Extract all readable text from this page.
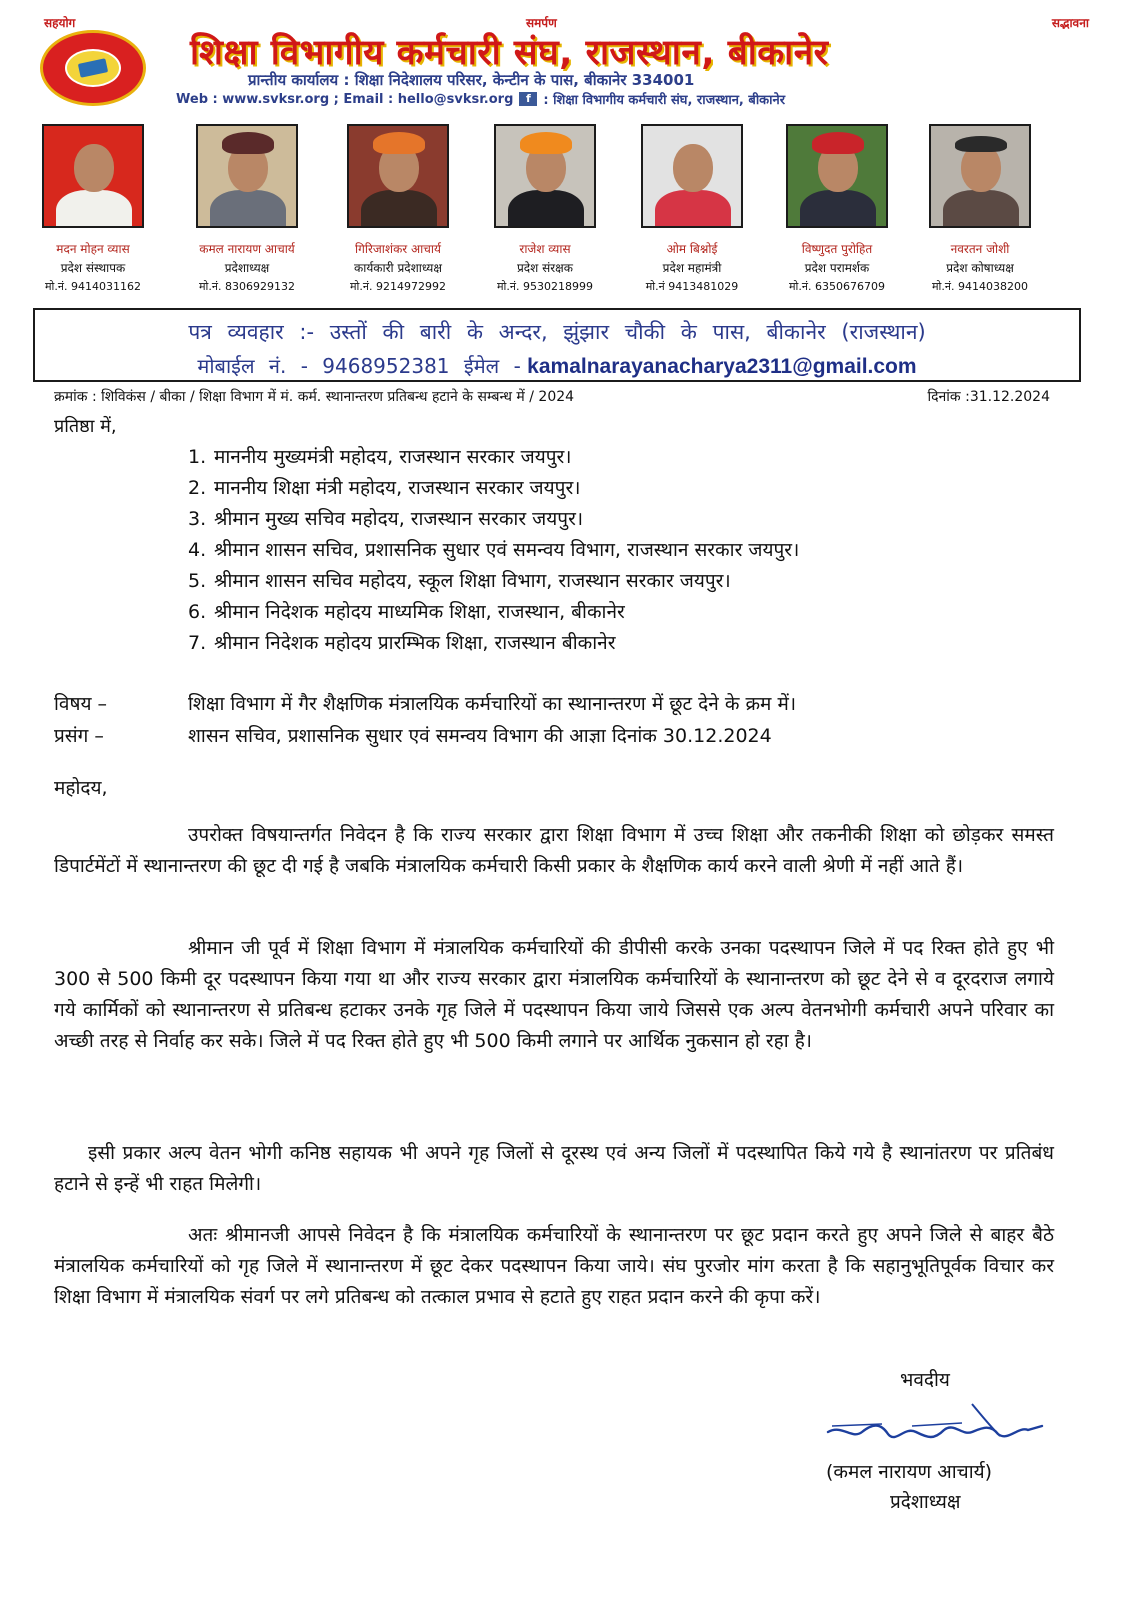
सहयोग	समर्पण	सद्भावना
शिक्षा विभागीय कर्मचारी संघ, राजस्थान, बीकानेर
प्रान्तीय कार्यालय : शिक्षा निदेशालय परिसर, केन्टीन के पास, बीकानेर 334001
Web : www.svksr.org ; Email : hello@svksr.org	f : शिक्षा विभागीय कर्मचारी संघ, राजस्थान, बीकानेर
मदन मोहन व्यास
प्रदेश संस्थापक
मो.नं. 9414031162
कमल नारायण आचार्य
प्रदेशाध्यक्ष
मो.नं. 8306929132
गिरिजाशंकर आचार्य
कार्यकारी प्रदेशाध्यक्ष
मो.नं. 9214972992
राजेश व्यास
प्रदेश संरक्षक
मो.नं. 9530218999
ओम बिश्नोई
प्रदेश महामंत्री
मो.नं 9413481029
विष्णुदत पुरोहित
प्रदेश परामर्शक
मो.नं. 6350676709
नवरतन जोशी
प्रदेश कोषाध्यक्ष
मो.नं. 9414038200
पत्र व्यवहार :- उस्तों की बारी के अन्दर, झुंझार चौकी के पास, बीकानेर (राजस्थान)
मोबाईल नं. - 9468952381 ईमेल - kamalnarayanacharya2311@gmail.com
क्रमांक : शिविकंस / बीका / शिक्षा विभाग में मं. कर्म. स्थानान्तरण प्रतिबन्ध हटाने के सम्बन्ध में / 2024	दिनांक :31.12.2024
प्रतिष्ठा में,
1. माननीय मुख्यमंत्री महोदय, राजस्थान सरकार जयपुर।
2. माननीय शिक्षा मंत्री महोदय, राजस्थान सरकार जयपुर।
3. श्रीमान मुख्य सचिव महोदय, राजस्थान सरकार जयपुर।
4. श्रीमान शासन सचिव, प्रशासनिक सुधार एवं समन्वय विभाग, राजस्थान सरकार जयपुर।
5. श्रीमान शासन सचिव महोदय, स्कूल शिक्षा विभाग, राजस्थान सरकार जयपुर।
6. श्रीमान निदेशक महोदय माध्यमिक शिक्षा, राजस्थान, बीकानेर
7. श्रीमान निदेशक महोदय प्रारम्भिक शिक्षा, राजस्थान बीकानेर
विषय –	शिक्षा विभाग में गैर शैक्षणिक मंत्रालयिक कर्मचारियों का स्थानान्तरण में छूट देने के क्रम में।
प्रसंग –	शासन सचिव, प्रशासनिक सुधार एवं समन्वय विभाग की आज्ञा दिनांक 30.12.2024
महोदय,

उपरोक्त विषयान्तर्गत निवेदन है कि राज्य सरकार द्वारा शिक्षा विभाग में उच्च शिक्षा और तकनीकी शिक्षा को छोड़कर समस्त डिपार्टमेंटों में स्थानान्तरण की छूट दी गई है जबकि मंत्रालयिक कर्मचारी किसी प्रकार के शैक्षणिक कार्य करने वाली श्रेणी में नहीं आते हैं।

श्रीमान जी पूर्व में शिक्षा विभाग में मंत्रालयिक कर्मचारियों की डीपीसी करके उनका पदस्थापन जिले में पद रिक्त होते हुए भी 300 से 500 किमी दूर पदस्थापन किया गया था और राज्य सरकार द्वारा मंत्रालयिक कर्मचारियों के स्थानान्तरण को छूट देने से व दूरदराज लगाये गये कार्मिकों को स्थानान्तरण से प्रतिबन्ध हटाकर उनके गृह जिले में पदस्थापन किया जाये जिससे एक अल्प वेतनभोगी कर्मचारी अपने परिवार का अच्छी तरह से निर्वाह कर सके। जिले में पद रिक्त होते हुए भी 500 किमी लगाने पर आर्थिक नुकसान हो रहा है।

इसी प्रकार अल्प वेतन भोगी कनिष्ठ सहायक भी अपने गृह जिलों से दूरस्थ एवं अन्य जिलों में पदस्थापित किये गये है स्थानांतरण पर प्रतिबंध हटाने से इन्हें भी राहत मिलेगी।

अतः श्रीमानजी आपसे निवेदन है कि मंत्रालयिक कर्मचारियों के स्थानान्तरण पर छूट प्रदान करते हुए अपने जिले से बाहर बैठे मंत्रालयिक कर्मचारियों को गृह जिले में स्थानान्तरण में छूट देकर पदस्थापन किया जाये। संघ पुरजोर मांग करता है कि सहानुभूतिपूर्वक विचार कर शिक्षा विभाग में मंत्रालयिक संवर्ग पर लगे प्रतिबन्ध को तत्काल प्रभाव से हटाते हुए राहत प्रदान करने की कृपा करें।

भवदीय
(कमल नारायण आचार्य)
प्रदेशाध्यक्ष
